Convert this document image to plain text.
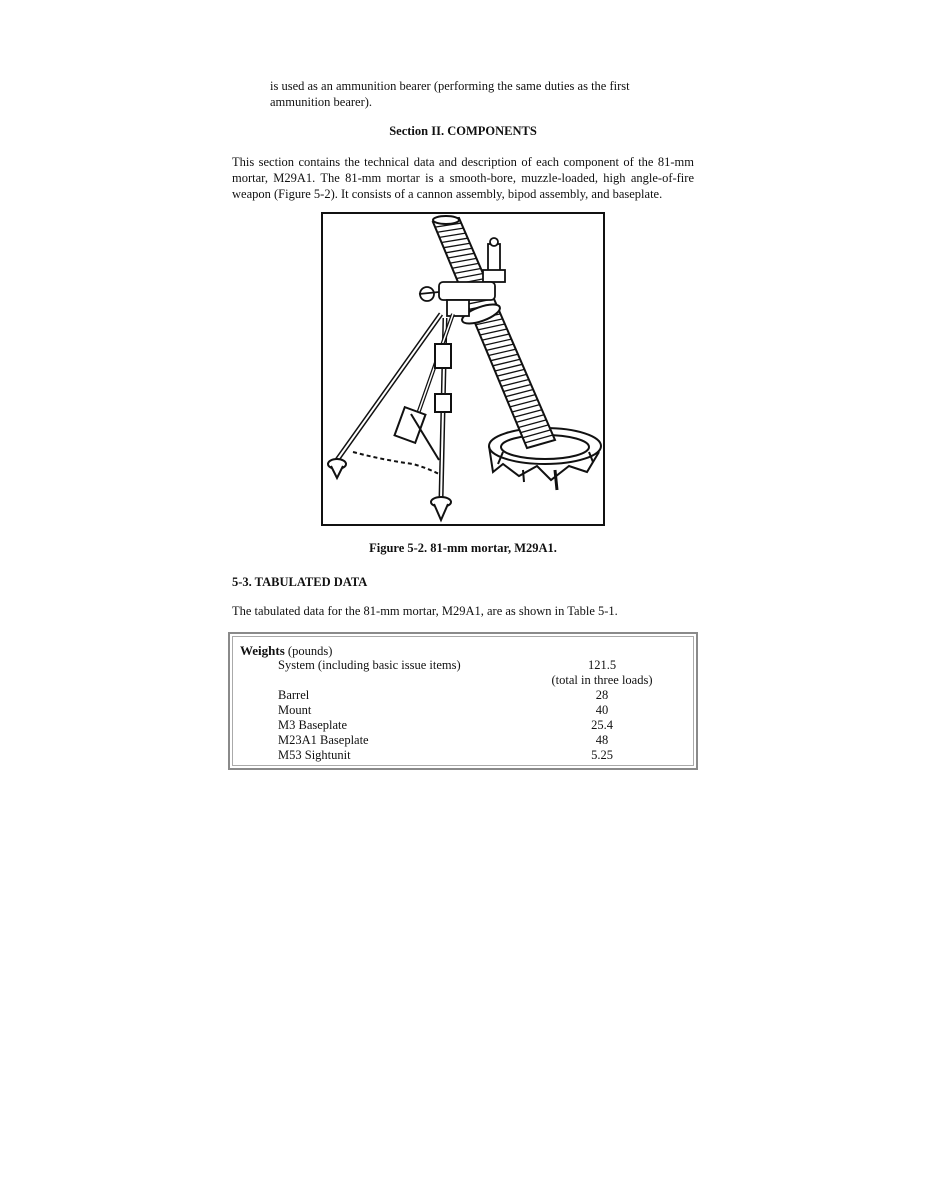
is used as an ammunition bearer (performing the same duties as the first ammunition bearer).
Section II. COMPONENTS
This section contains the technical data and description of each component of the 81-mm mortar, M29A1. The 81-mm mortar is a smooth-bore, muzzle-loaded, high angle-of-fire weapon (Figure 5-2). It consists of a cannon assembly, bipod assembly, and baseplate.
Figure 5-2. 81-mm mortar, M29A1.
5-3. TABULATED DATA
The tabulated data for the 81-mm mortar, M29A1, are as shown in Table 5-1.
Weights (pounds)
System (including basic issue items)	121.5
(total in three loads)
Barrel	28
Mount	40
M3 Baseplate	25.4
M23A1 Baseplate	48
M53 Sightunit	5.25
